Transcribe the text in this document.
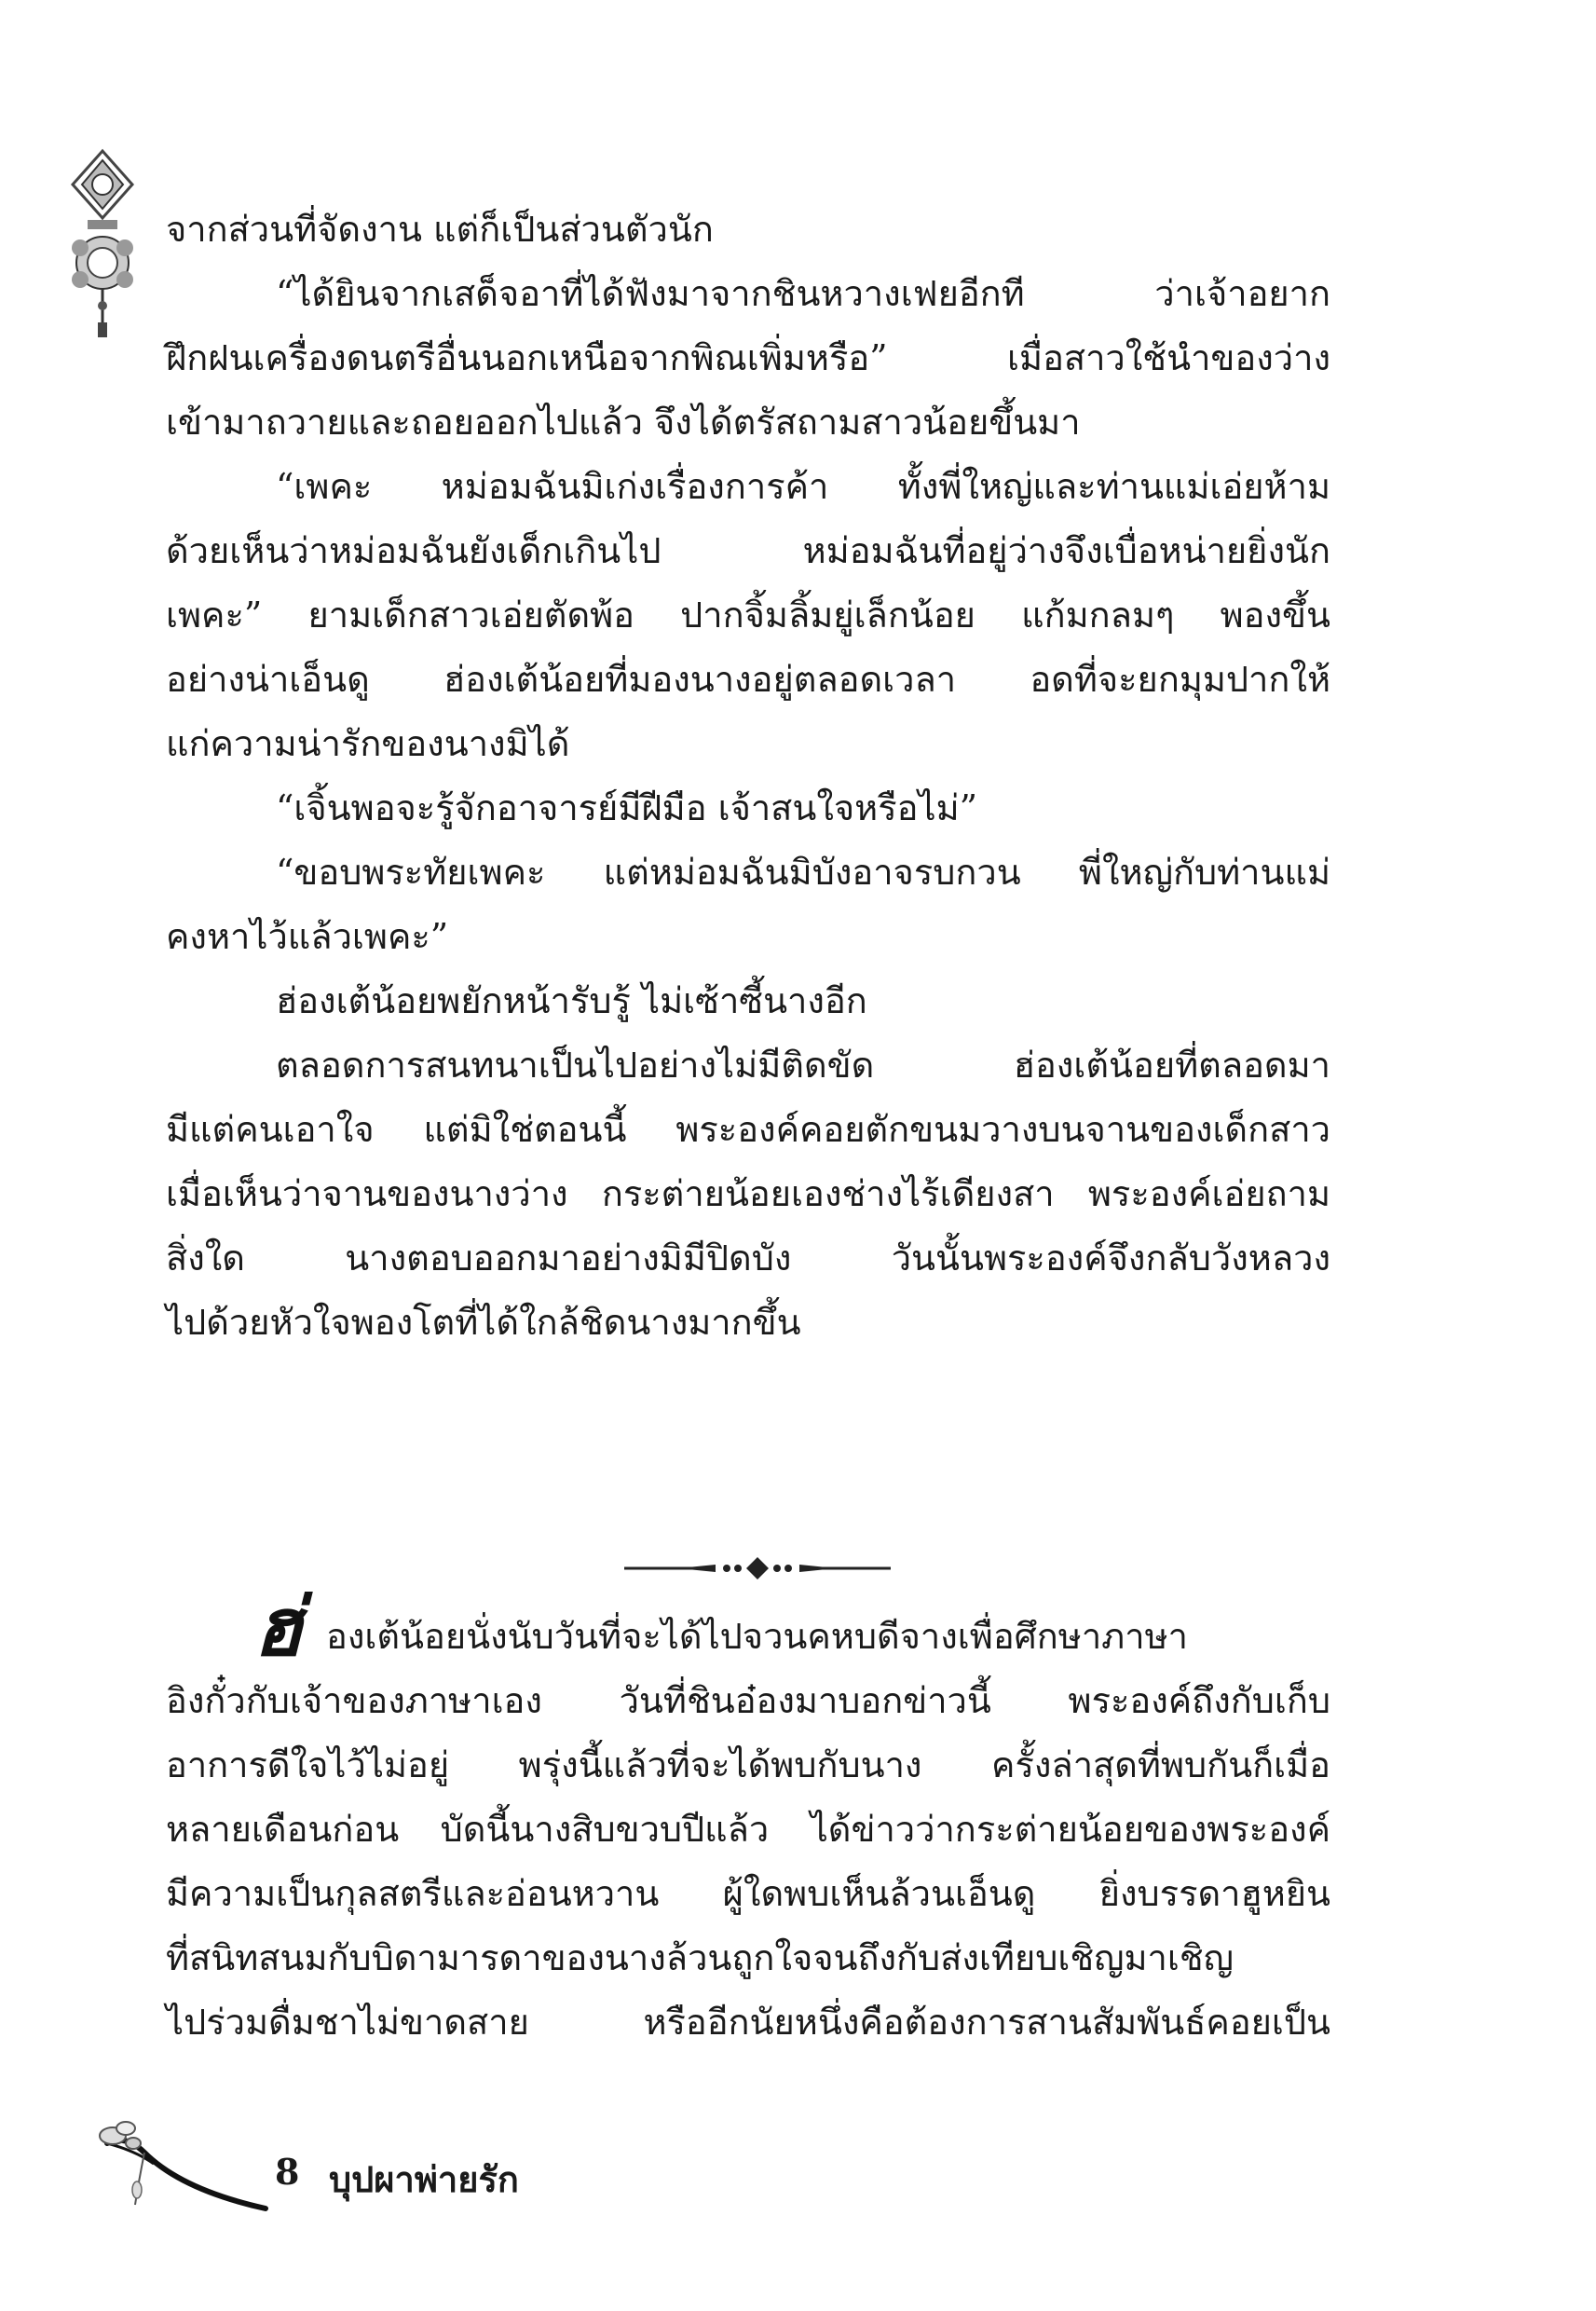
จากส่วนที่จัดงาน แต่ก็เป็นส่วนตัวนัก
“ได้ยินจากเสด็จอาที่ได้ฟังมาจากชินหวางเฟยอีกที ว่าเจ้าอยาก
ฝึกฝนเครื่องดนตรีอื่นนอกเหนือจากพิณเพิ่มหรือ” เมื่อสาวใช้นำของว่าง
เข้ามาถวายและถอยออกไปแล้ว จึงได้ตรัสถามสาวน้อยขึ้นมา
“เพคะ หม่อมฉันมิเก่งเรื่องการค้า ทั้งพี่ใหญ่และท่านแม่เอ่ยห้าม
ด้วยเห็นว่าหม่อมฉันยังเด็กเกินไป หม่อมฉันที่อยู่ว่างจึงเบื่อหน่ายยิ่งนัก
เพคะ” ยามเด็กสาวเอ่ยตัดพ้อ ปากจิ้มลิ้มยู่เล็กน้อย แก้มกลมๆ พองขึ้น
อย่างน่าเอ็นดู ฮ่องเต้น้อยที่มองนางอยู่ตลอดเวลา อดที่จะยกมุมปากให้
แก่ความน่ารักของนางมิได้
“เจิ้นพอจะรู้จักอาจารย์มีฝีมือ เจ้าสนใจหรือไม่”
“ขอบพระทัยเพคะ แต่หม่อมฉันมิบังอาจรบกวน พี่ใหญ่กับท่านแม่
คงหาไว้แล้วเพคะ”
ฮ่องเต้น้อยพยักหน้ารับรู้ ไม่เซ้าซี้นางอีก
ตลอดการสนทนาเป็นไปอย่างไม่มีติดขัด ฮ่องเต้น้อยที่ตลอดมา
มีแต่คนเอาใจ แต่มิใช่ตอนนี้ พระองค์คอยตักขนมวางบนจานของเด็กสาว
เมื่อเห็นว่าจานของนางว่าง กระต่ายน้อยเองช่างไร้เดียงสา พระองค์เอ่ยถาม
สิ่งใด นางตอบออกมาอย่างมิมีปิดบัง วันนั้นพระองค์จึงกลับวังหลวง
ไปด้วยหัวใจพองโตที่ได้ใกล้ชิดนางมากขึ้น
ฮ่ องเต้น้อยนั่งนับวันที่จะได้ไปจวนคหบดีจางเพื่อศึกษาภาษา
อิงกั๋วกับเจ้าของภาษาเอง วันที่ชินอ๋องมาบอกข่าวนี้ พระองค์ถึงกับเก็บ
อาการดีใจไว้ไม่อยู่ พรุ่งนี้แล้วที่จะได้พบกับนาง ครั้งล่าสุดที่พบกันก็เมื่อ
หลายเดือนก่อน บัดนี้นางสิบขวบปีแล้ว ได้ข่าวว่ากระต่ายน้อยของพระองค์
มีความเป็นกุลสตรีและอ่อนหวาน ผู้ใดพบเห็นล้วนเอ็นดู ยิ่งบรรดาฮูหยิน
ที่สนิทสนมกับบิดามารดาของนางล้วนถูกใจจนถึงกับส่งเทียบเชิญมาเชิญ
ไปร่วมดื่มชาไม่ขาดสาย หรืออีกนัยหนึ่งคือต้องการสานสัมพันธ์คอยเป็น
8 บุปผาพ่ายรัก
